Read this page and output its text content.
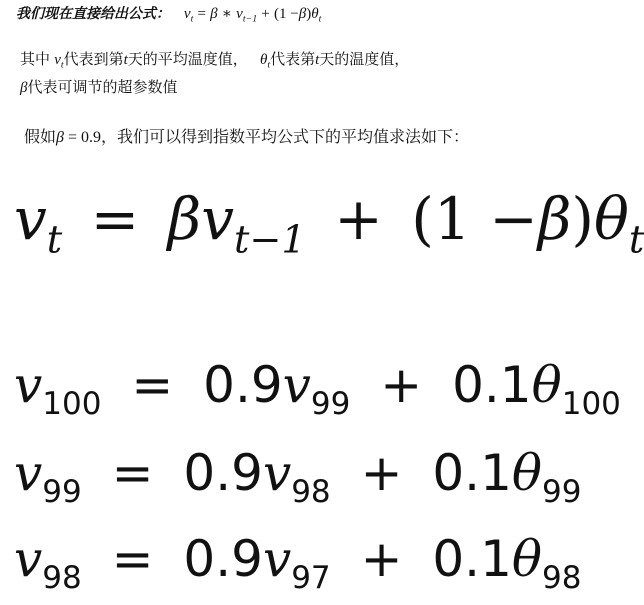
我们现在直接给出公式： $v_t = \beta$ ∗ $v_{t-1} + (1 -\beta)\theta_t$
其中 $v_t$代表到第t天的平均温度值， $\theta_t$代表第t天的温度值，
β代表可调节的超参数值
假如β = 0.9，我们可以得到指数平均公式下的平均值求法如下：
$v_t = \beta v_{t-1} + (1 -\beta)\theta_t$
$v_{100} = 0.9v_{99} + 0.1\theta_{100}$
$v_{99} = 0.9v_{98} + 0.1\theta_{99}$
$v_{98} = 0.9v_{97} + 0.1\theta_{98}$
